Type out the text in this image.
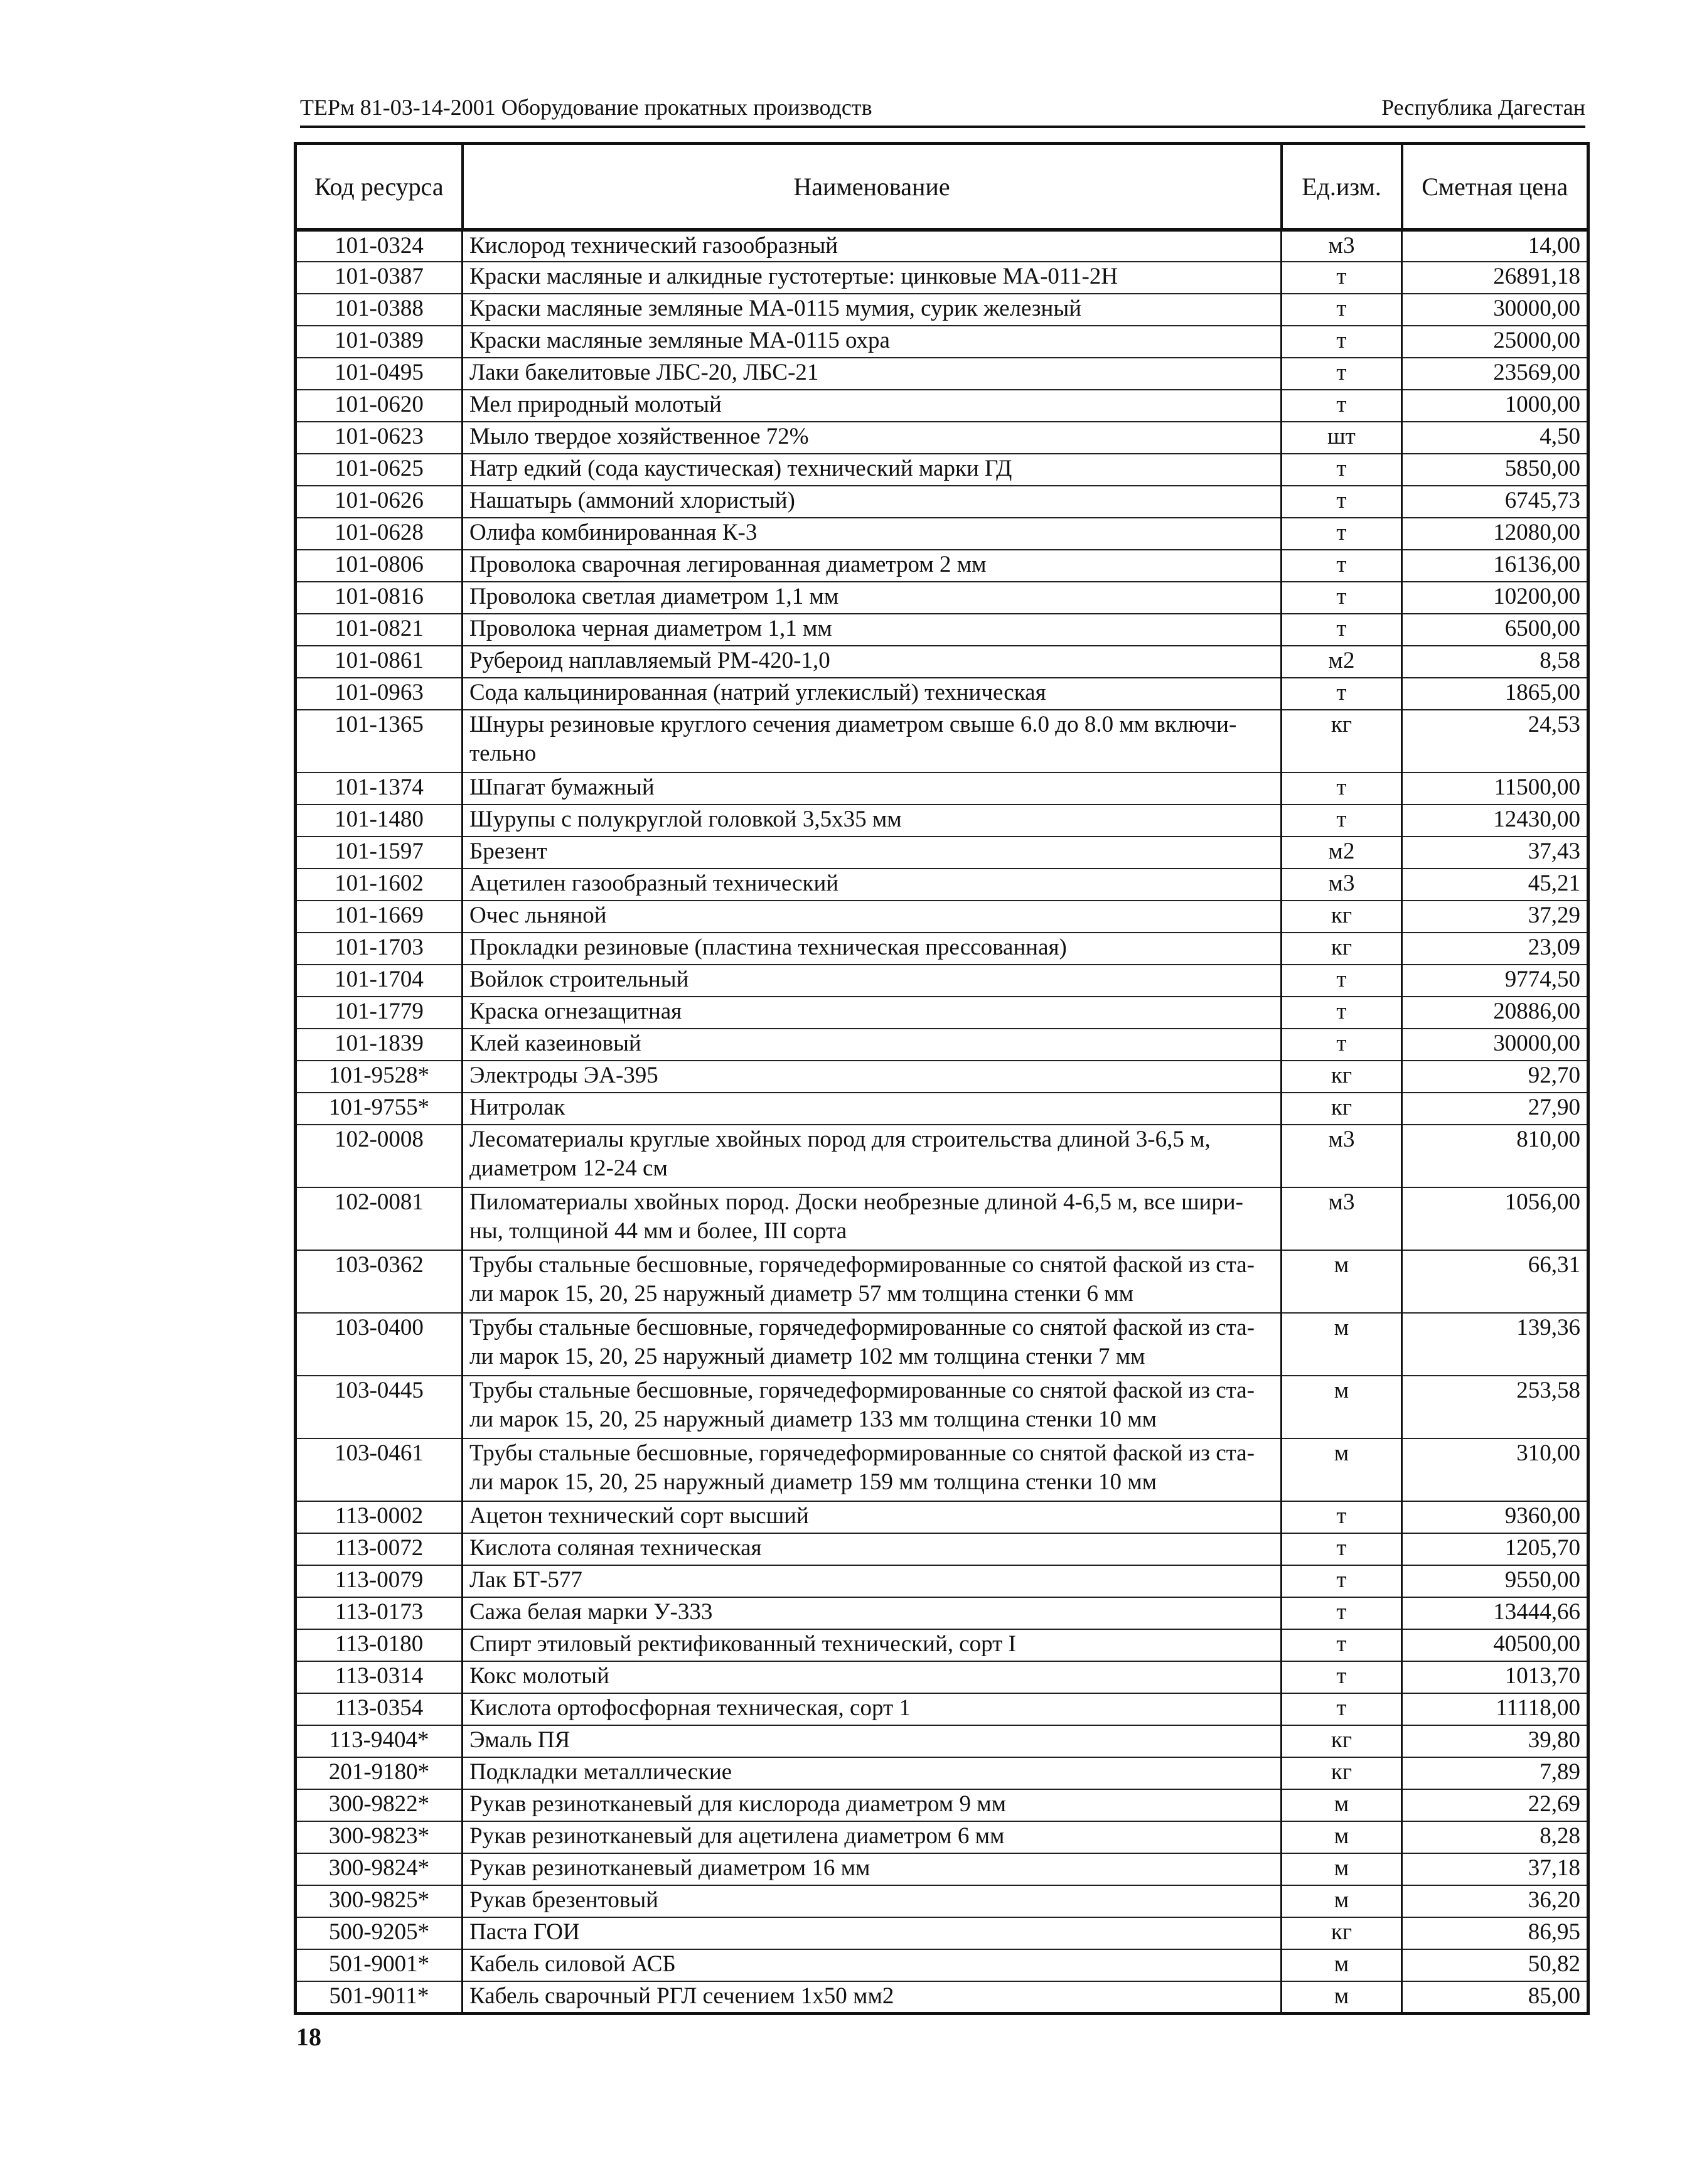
ТЕРм 81-03-14-2001 Оборудование прокатных производств	Республика Дагестан
Код ресурса	Наименование	Ед.изм.	Сметная цена
101-0324	Кислород технический газообразный	м3	14,00
101-0387	Краски масляные и алкидные густотертые: цинковые МА-011-2Н	т	26891,18
101-0388	Краски масляные земляные МА-0115 мумия, сурик железный	т	30000,00
101-0389	Краски масляные земляные МА-0115 охра	т	25000,00
101-0495	Лаки бакелитовые ЛБС-20, ЛБС-21	т	23569,00
101-0620	Мел природный молотый	т	1000,00
101-0623	Мыло твердое хозяйственное 72%	шт	4,50
101-0625	Натр едкий (сода каустическая) технический марки ГД	т	5850,00
101-0626	Нашатырь (аммоний хлористый)	т	6745,73
101-0628	Олифа комбинированная К-3	т	12080,00
101-0806	Проволока сварочная легированная диаметром 2 мм	т	16136,00
101-0816	Проволока светлая диаметром 1,1 мм	т	10200,00
101-0821	Проволока черная диаметром 1,1 мм	т	6500,00
101-0861	Рубероид наплавляемый РМ-420-1,0	м2	8,58
101-0963	Сода кальцинированная (натрий углекислый) техническая	т	1865,00
101-1365	Шнуры резиновые круглого сечения диаметром свыше 6.0 до 8.0 мм включи-тельно	кг	24,53
101-1374	Шпагат бумажный	т	11500,00
101-1480	Шурупы с полукруглой головкой 3,5х35 мм	т	12430,00
101-1597	Брезент	м2	37,43
101-1602	Ацетилен газообразный технический	м3	45,21
101-1669	Очес льняной	кг	37,29
101-1703	Прокладки резиновые (пластина техническая прессованная)	кг	23,09
101-1704	Войлок строительный	т	9774,50
101-1779	Краска огнезащитная	т	20886,00
101-1839	Клей казеиновый	т	30000,00
101-9528*	Электроды ЭА-395	кг	92,70
101-9755*	Нитролак	кг	27,90
102-0008	Лесоматериалы круглые хвойных пород для строительства длиной 3-6,5 м, диаметром 12-24 см	м3	810,00
102-0081	Пиломатериалы хвойных пород. Доски необрезные длиной 4-6,5 м, все шири-ны, толщиной 44 мм и более, III сорта	м3	1056,00
103-0362	Трубы стальные бесшовные, горячедеформированные со снятой фаской из ста-ли марок 15, 20, 25 наружный диаметр 57 мм толщина стенки 6 мм	м	66,31
103-0400	Трубы стальные бесшовные, горячедеформированные со снятой фаской из ста-ли марок 15, 20, 25 наружный диаметр 102 мм толщина стенки 7 мм	м	139,36
103-0445	Трубы стальные бесшовные, горячедеформированные со снятой фаской из ста-ли марок 15, 20, 25 наружный диаметр 133 мм толщина стенки 10 мм	м	253,58
103-0461	Трубы стальные бесшовные, горячедеформированные со снятой фаской из ста-ли марок 15, 20, 25 наружный диаметр 159 мм толщина стенки 10 мм	м	310,00
113-0002	Ацетон технический сорт высший	т	9360,00
113-0072	Кислота соляная техническая	т	1205,70
113-0079	Лак БТ-577	т	9550,00
113-0173	Сажа белая марки У-333	т	13444,66
113-0180	Спирт этиловый ректификованный технический, сорт I	т	40500,00
113-0314	Кокс молотый	т	1013,70
113-0354	Кислота ортофосфорная техническая, сорт 1	т	11118,00
113-9404*	Эмаль ПЯ	кг	39,80
201-9180*	Подкладки металлические	кг	7,89
300-9822*	Рукав резинотканевый для кислорода диаметром 9 мм	м	22,69
300-9823*	Рукав резинотканевый для ацетилена диаметром 6 мм	м	8,28
300-9824*	Рукав резинотканевый диаметром 16 мм	м	37,18
300-9825*	Рукав брезентовый	м	36,20
500-9205*	Паста ГОИ	кг	86,95
501-9001*	Кабель силовой АСБ	м	50,82
501-9011*	Кабель сварочный РГЛ сечением 1х50 мм2	м	85,00
18
